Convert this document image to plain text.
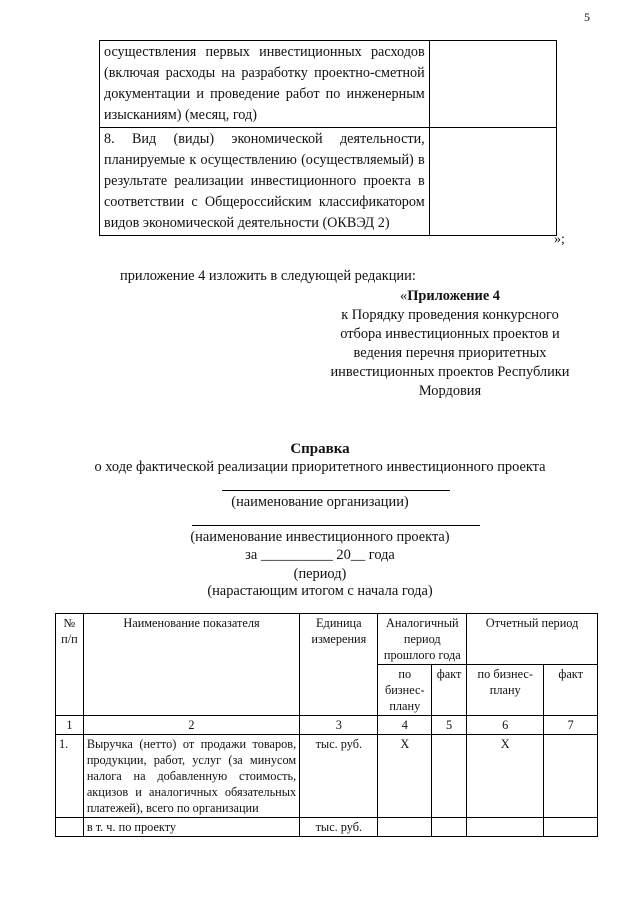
5
осуществления первых инвестиционных расходов (включая расходы на разработку проектно-сметной документации и проведение работ по инженерным изысканиям) (месяц, год)	
8. Вид (виды) экономической деятельности, планируемые к осуществлению (осуществляемый) в результате реализации инвестиционного проекта в соответствии с Общероссийским классификатором видов экономической деятельности (ОКВЭД 2)	
»;
приложение 4 изложить в следующей редакции:
«Приложение 4
к Порядку проведения конкурсного
отбора инвестиционных проектов и
ведения перечня приоритетных
инвестиционных проектов Республики
Мордовия
Справка
о ходе фактической реализации приоритетного инвестиционного проекта
(наименование организации)
(наименование инвестиционного проекта)
за __________ 20__ года
(период)
(нарастающим итогом с начала года)
№ п/п	Наименование показателя	Единица измерения	Аналогичный период прошлого года		Отчетный период	
			по бизнес-плану	факт	по бизнес-плану	факт
1	2	3	4	5	6	7
1.	Выручка (нетто) от продажи товаров, продукции, работ, услуг (за минусом налога на добавленную стоимость, акцизов и аналогичных обязательных платежей), всего по организации	тыс. руб.	Х		Х	
	в т. ч. по проекту	тыс. руб.				
